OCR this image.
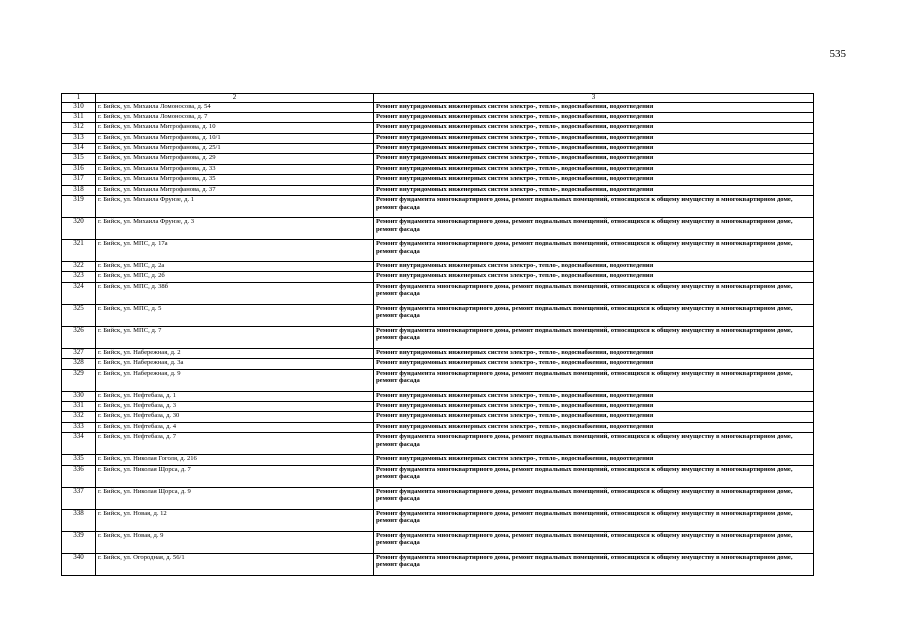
535
1	2	3
310	г. Бийск, ул. Михаила Ломоносова, д. 54	Ремонт внутридомовых инженерных систем электро-, тепло-, водоснабжения, водоотведения
311	г. Бийск, ул. Михаила Ломоносова, д. 7	Ремонт внутридомовых инженерных систем электро-, тепло-, водоснабжения, водоотведения
312	г. Бийск, ул. Михаила Митрофанова, д. 10	Ремонт внутридомовых инженерных систем электро-, тепло-, водоснабжения, водоотведения
313	г. Бийск, ул. Михаила Митрофанова, д. 10/1	Ремонт внутридомовых инженерных систем электро-, тепло-, водоснабжения, водоотведения
314	г. Бийск, ул. Михаила Митрофанова, д. 25/1	Ремонт внутридомовых инженерных систем электро-, тепло-, водоснабжения, водоотведения
315	г. Бийск, ул. Михаила Митрофанова, д. 29	Ремонт внутридомовых инженерных систем электро-, тепло-, водоснабжения, водоотведения
316	г. Бийск, ул. Михаила Митрофанова, д. 33	Ремонт внутридомовых инженерных систем электро-, тепло-, водоснабжения, водоотведения
317	г. Бийск, ул. Михаила Митрофанова, д. 35	Ремонт внутридомовых инженерных систем электро-, тепло-, водоснабжения, водоотведения
318	г. Бийск, ул. Михаила Митрофанова, д. 37	Ремонт внутридомовых инженерных систем электро-, тепло-, водоснабжения, водоотведения
319	г. Бийск, ул. Михаила Фрунзе, д. 1	Ремонт фундамента многоквартирного дома, ремонт подвальных помещений, относящихся к общему имуществу в многоквартирном доме, ремонт фасада
320	г. Бийск, ул. Михаила Фрунзе, д. 3	Ремонт фундамента многоквартирного дома, ремонт подвальных помещений, относящихся к общему имуществу в многоквартирном доме, ремонт фасада
321	г. Бийск, ул. МПС, д. 17а	Ремонт фундамента многоквартирного дома, ремонт подвальных помещений, относящихся к общему имуществу в многоквартирном доме, ремонт фасада
322	г. Бийск, ул. МПС, д. 2а	Ремонт внутридомовых инженерных систем электро-, тепло-, водоснабжения, водоотведения
323	г. Бийск, ул. МПС, д. 2б	Ремонт внутридомовых инженерных систем электро-, тепло-, водоснабжения, водоотведения
324	г. Бийск, ул. МПС, д. 38б	Ремонт фундамента многоквартирного дома, ремонт подвальных помещений, относящихся к общему имуществу в многоквартирном доме, ремонт фасада
325	г. Бийск, ул. МПС, д. 5	Ремонт фундамента многоквартирного дома, ремонт подвальных помещений, относящихся к общему имуществу в многоквартирном доме, ремонт фасада
326	г. Бийск, ул. МПС, д. 7	Ремонт фундамента многоквартирного дома, ремонт подвальных помещений, относящихся к общему имуществу в многоквартирном доме, ремонт фасада
327	г. Бийск, ул. Набережная, д. 2	Ремонт внутридомовых инженерных систем электро-, тепло-, водоснабжения, водоотведения
328	г. Бийск, ул. Набережная, д. 3а	Ремонт внутридомовых инженерных систем электро-, тепло-, водоснабжения, водоотведения
329	г. Бийск, ул. Набережная, д. 9	Ремонт фундамента многоквартирного дома, ремонт подвальных помещений, относящихся к общему имуществу в многоквартирном доме, ремонт фасада
330	г. Бийск, ул. Нефтебаза, д. 1	Ремонт внутридомовых инженерных систем электро-, тепло-, водоснабжения, водоотведения
331	г. Бийск, ул. Нефтебаза, д. 3	Ремонт внутридомовых инженерных систем электро-, тепло-, водоснабжения, водоотведения
332	г. Бийск, ул. Нефтебаза, д. 30	Ремонт внутридомовых инженерных систем электро-, тепло-, водоснабжения, водоотведения
333	г. Бийск, ул. Нефтебаза, д. 4	Ремонт внутридомовых инженерных систем электро-, тепло-, водоснабжения, водоотведения
334	г. Бийск, ул. Нефтебаза, д. 7	Ремонт фундамента многоквартирного дома, ремонт подвальных помещений, относящихся к общему имуществу в многоквартирном доме, ремонт фасада
335	г. Бийск, ул. Николая Гоголя, д. 216	Ремонт внутридомовых инженерных систем электро-, тепло-, водоснабжения, водоотведения
336	г. Бийск, ул. Николая Щорса, д. 7	Ремонт фундамента многоквартирного дома, ремонт подвальных помещений, относящихся к общему имуществу в многоквартирном доме, ремонт фасада
337	г. Бийск, ул. Николая Щорса, д. 9	Ремонт фундамента многоквартирного дома, ремонт подвальных помещений, относящихся к общему имуществу в многоквартирном доме, ремонт фасада
338	г. Бийск, ул. Новая, д. 12	Ремонт фундамента многоквартирного дома, ремонт подвальных помещений, относящихся к общему имуществу в многоквартирном доме, ремонт фасада
339	г. Бийск, ул. Новая, д. 9	Ремонт фундамента многоквартирного дома, ремонт подвальных помещений, относящихся к общему имуществу в многоквартирном доме, ремонт фасада
340	г. Бийск, ул. Огородная, д. 56/1	Ремонт фундамента многоквартирного дома, ремонт подвальных помещений, относящихся к общему имуществу в многоквартирном доме, ремонт фасада
